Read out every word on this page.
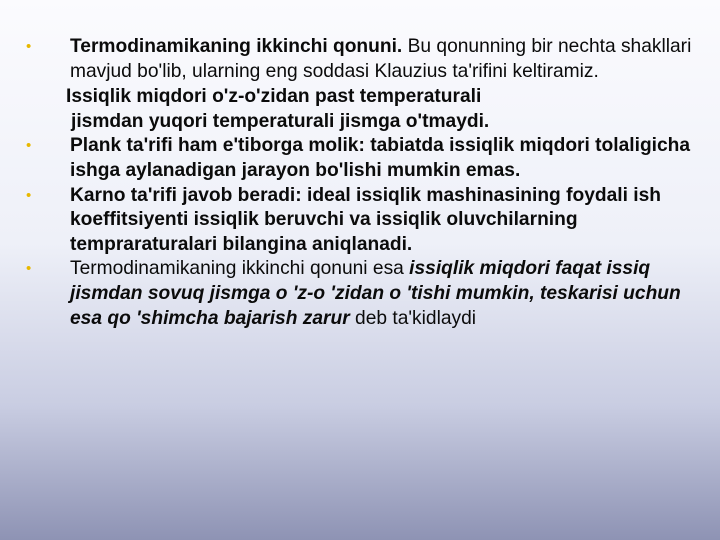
•	Termodinamikaning ikkinchi qonuni. Bu qonunning bir nechta shakllari mavjud bo'lib, ularning eng soddasi Klauzius ta'rifini keltiramiz.
Issiqlik miqdori o'z-o'zidan past temperaturali
jismdan yuqori temperaturali jismga o'tmaydi.
•	Plank ta'rifi ham e'tiborga molik: tabiatda issiqlik miqdori tolaligicha ishga aylanadigan jarayon bo'lishi mumkin emas.
•	Karno ta'rifi javob beradi: ideal issiqlik mashinasining foydali ish koeffitsiyenti issiqlik beruvchi va issiqlik oluvchilarning tempraraturalari bilangina aniqlanadi.
•	Termodinamikaning ikkinchi qonuni esa issiqlik miqdori faqat issiq jismdan sovuq jismga o 'z-o 'zidan o 'tishi mumkin, teskarisi uchun esa qo 'shimcha bajarish zarur deb ta'kidlaydi
